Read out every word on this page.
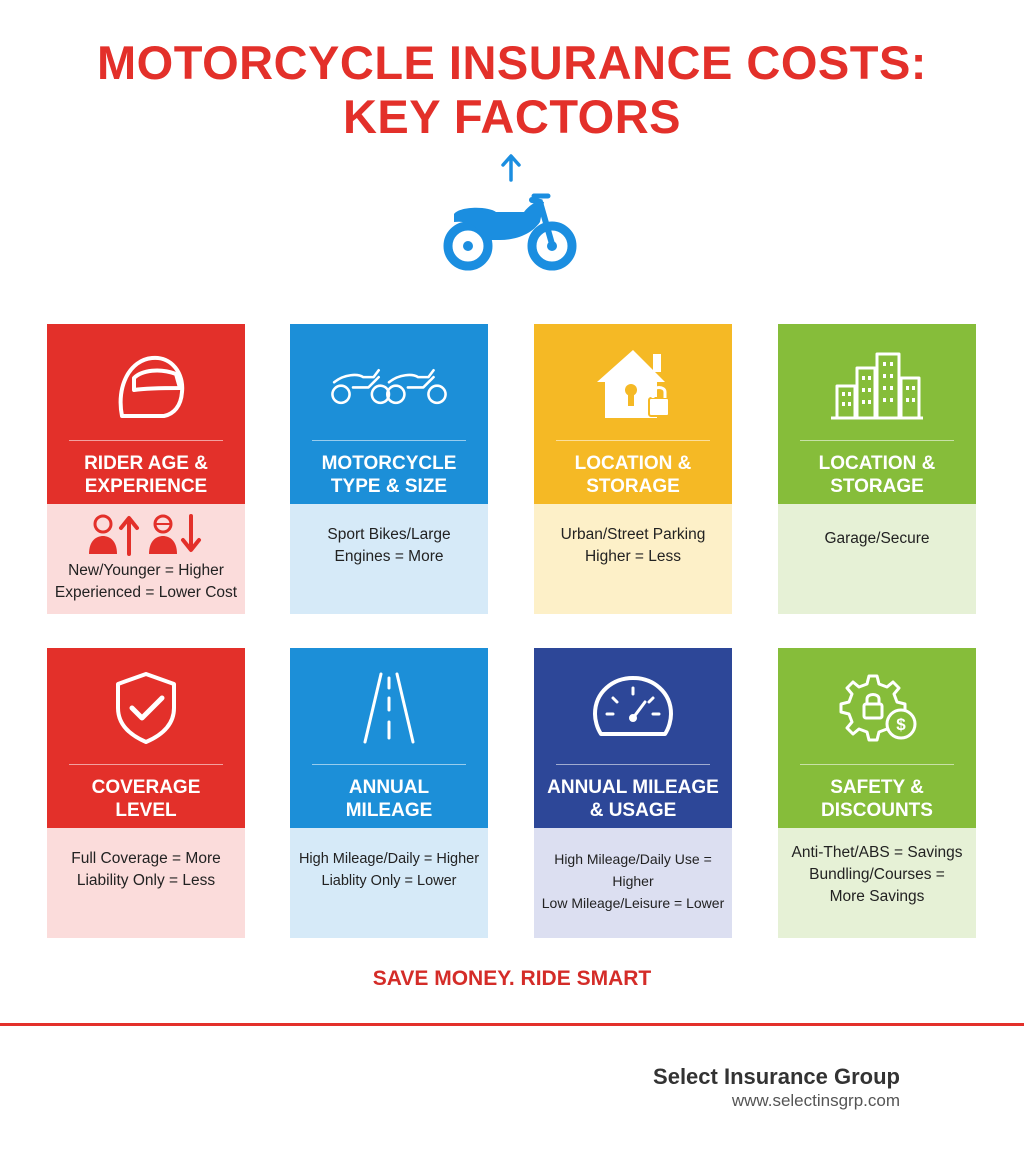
MOTORCYCLE INSURANCE COSTS:
KEY FACTORS
RIDER AGE &
EXPERIENCE
New/Younger = Higher
Experienced = Lower Cost
MOTORCYCLE
TYPE & SIZE
Sport Bikes/Large
Engines = More
LOCATION &
STORAGE
Urban/Street Parking
Higher = Less
LOCATION &
STORAGE
Garage/Secure
COVERAGE
LEVEL
Full Coverage = More
Liability Only = Less
ANNUAL
MILEAGE
High Mileage/Daily = Higher
Liablity Only = Lower
ANNUAL MILEAGE
& USAGE
High Mileage/Daily Use = Higher
Low Mileage/Leisure = Lower
$
SAFETY &
DISCOUNTS
Anti-Thet/ABS = Savings
Bundling/Courses =
More Savings
SAVE MONEY. RIDE SMART
Select Insurance Group
www.selectinsgrp.com
